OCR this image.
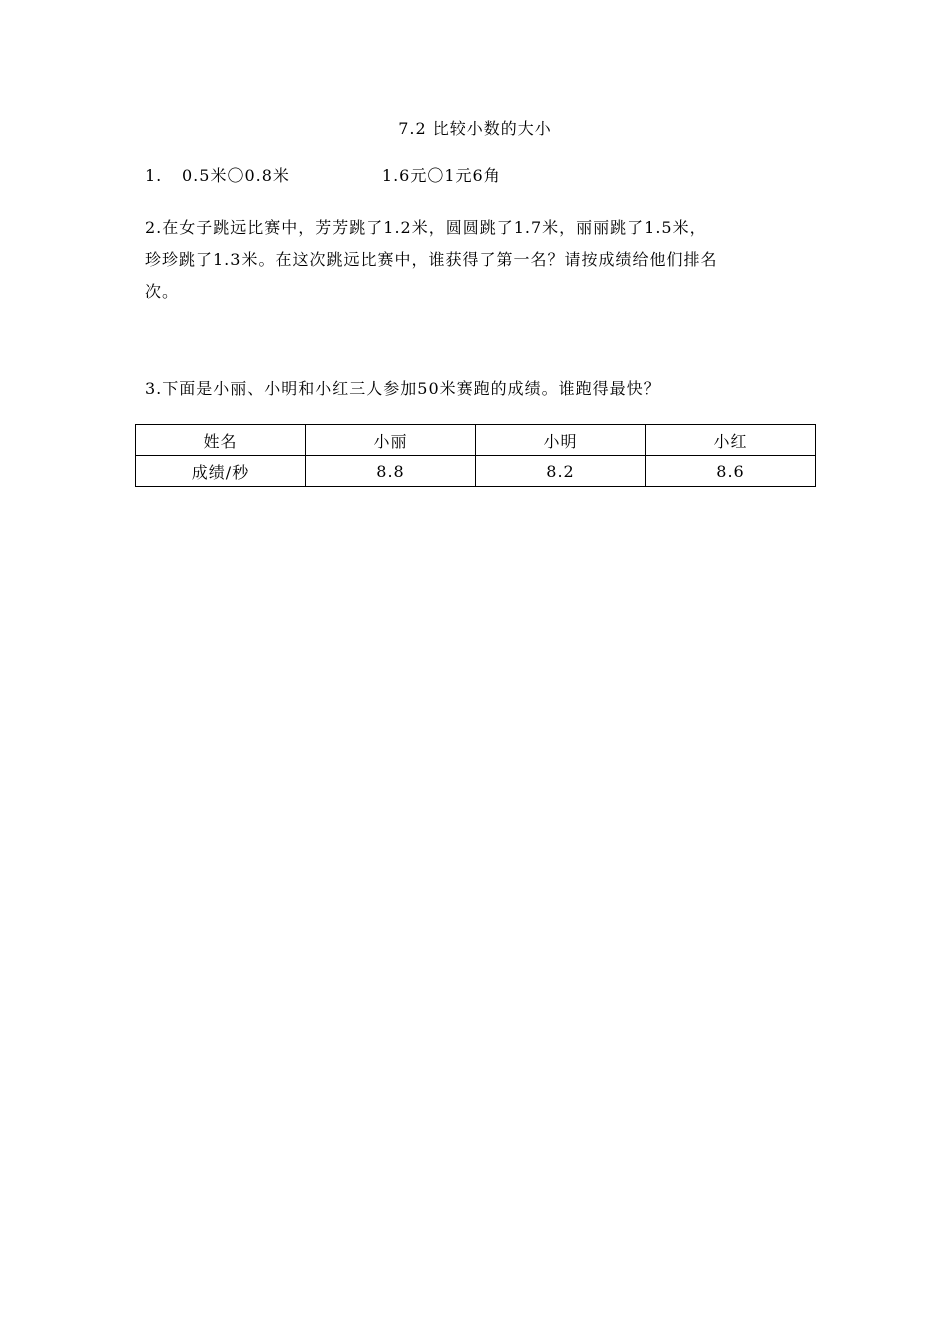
7.2 比较小数的大小
1. 0.5米〇0.8米	1.6元〇1元6角
2.在女子跳远比赛中，芳芳跳了1.2米，圆圆跳了1.7米，丽丽跳了1.5米，
珍珍跳了1.3米。在这次跳远比赛中，谁获得了第一名？请按成绩给他们排名
次。
3.下面是小丽、小明和小红三人参加50米赛跑的成绩。谁跑得最快？
姓名	小丽	小明	小红
成绩/秒	8.8	8.2	8.6
